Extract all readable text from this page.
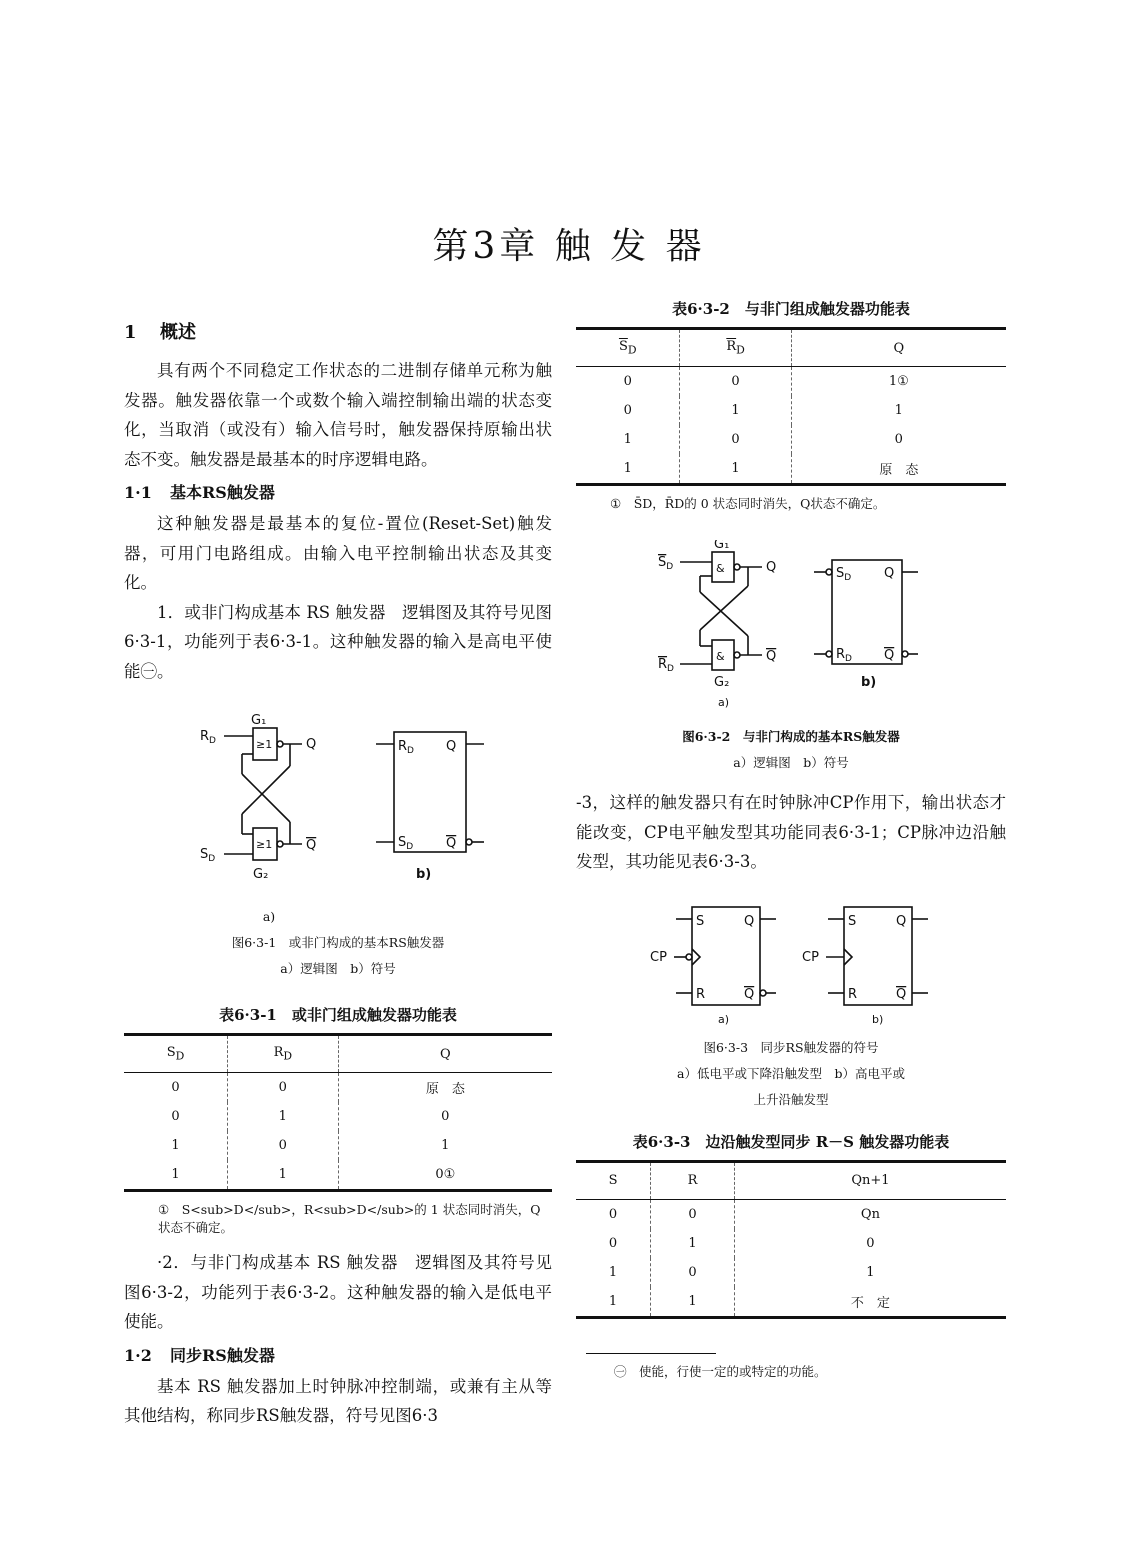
第3章 触 发 器
1 概述

具有两个不同稳定工作状态的二进制存储单元称为触发器。触发器依靠一个或数个输入端控制输出端的状态变化，当取消（或没有）输入信号时，触发器保持原输出状态不变。触发器是最基本的时序逻辑电路。

1·1 基本RS触发器

这种触发器是最基本的复位-置位(Reset-Set)触发器，可用门电路组成。由输入电平控制输出状态及其变化。

1．或非门构成基本 RS 触发器　逻辑图及其符号见图6·3-1，功能列于表6·3-1。这种触发器的输入是高电平使能㊀。

G₁
G₂
≥1
≥1
$R_D$
$S_D$
Q
Q
$R_D$
$S_D$
Q
Q
b)
a)
图6·3-1　或非门构成的基本RS触发器
a）逻辑图　b）符号
表6·3-1　或非门组成触发器功能表
$S_D$	$R_D$	Q
0	0	原　态
0	1	0
1	0	1
1	1	0①
①　S<sub>D</sub>，R<sub>D</sub>的 1 状态同时消失，Q状态不确定。

·2．与非门构成基本 RS 触发器　逻辑图及其符号见图6·3-2，功能列于表6·3-2。这种触发器的输入是低电平使能。

1·2 同步RS触发器

基本 RS 触发器加上时钟脉冲控制端，或兼有主从等其他结构，称同步RS触发器，符号见图6·3

表6·3-2　与非门组成触发器功能表
$\overline{S}_D$	$\overline{R}_D$	Q
0	0	1①
0	1	1
1	0	0
1	1	原　态
①　S̄D，R̄D的 0 状态同时消失，Q状态不确定。
G₁
G₂
&
&
$S_D$
$R_D$
Q
Q
$S_D$
$R_D$
Q
Q
a)
b)
图6·3-2　与非门构成的基本RS触发器
a）逻辑图　b）符号

-3，这样的触发器只有在时钟脉冲CP作用下，输出状态才能改变，CP电平触发型其功能同表6·3-1；CP脉冲边沿触发型，其功能见表6·3-3。

S
R
Q
Q
CP
S
R
Q
Q
CP
a)	b)
图6·3-3　同步RS触发器的符号
a）低电平或下降沿触发型　b）高电平或
上升沿触发型
表6·3-3　边沿触发型同步 R－S 触发器功能表
S	R	Qn+1
0	0	Qn
0	1	0
1	0	1
1	1	不　定
㊀　使能，行使一定的或特定的功能。
